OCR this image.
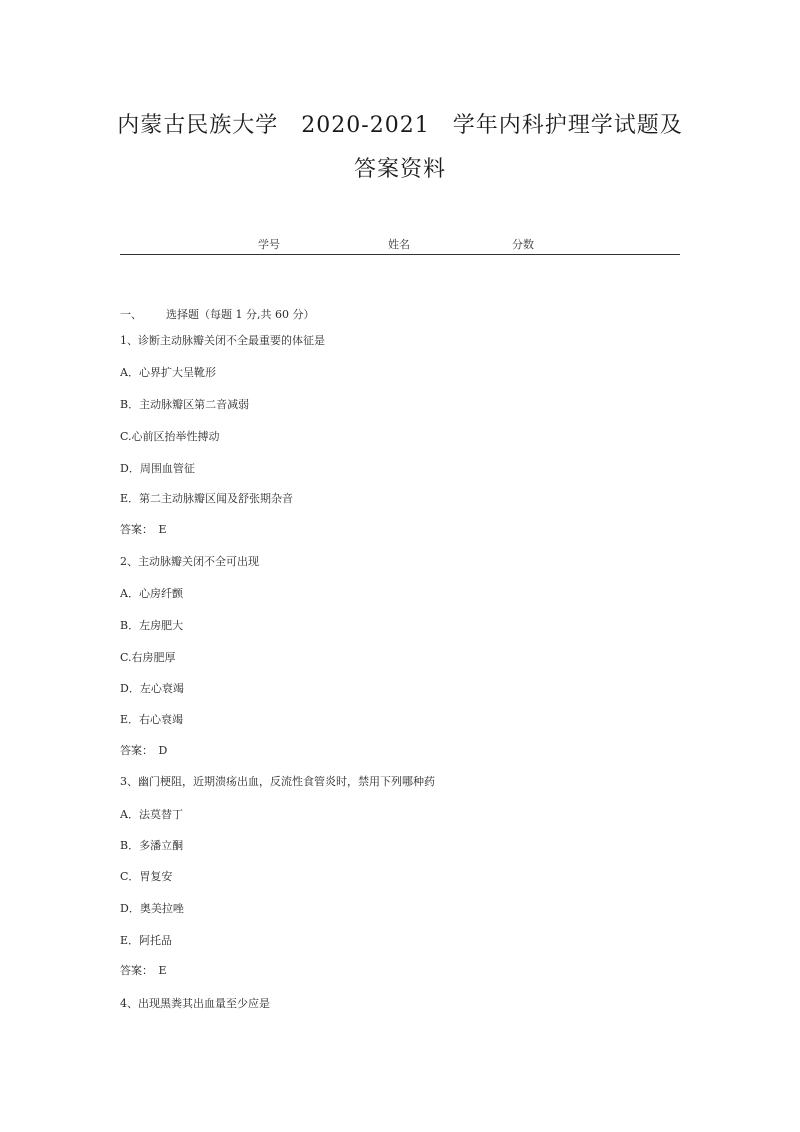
内蒙古民族大学　2020-2021　学年内科护理学试题及
答案资料
学号	姓名	分数
一、 选择题（每题 1 分,共 60 分）
1、诊断主动脉瓣关闭不全最重要的体征是
A．心界扩大呈靴形
B．主动脉瓣区第二音减弱
C.心前区抬举性搏动
D．周围血管征
E．第二主动脉瓣区闻及舒张期杂音
答案：　E
2、主动脉瓣关闭不全可出现
A．心房纤颤
B．左房肥大
C.右房肥厚
D．左心衰竭
E．右心衰竭
答案：　D
3、幽门梗阻，近期溃疡出血，反流性食管炎时，禁用下列哪种药
A．法莫替丁
B．多潘立酮
C．胃复安
D．奥美拉唑
E．阿托品
答案：　E
4、出现黑粪其出血量至少应是
